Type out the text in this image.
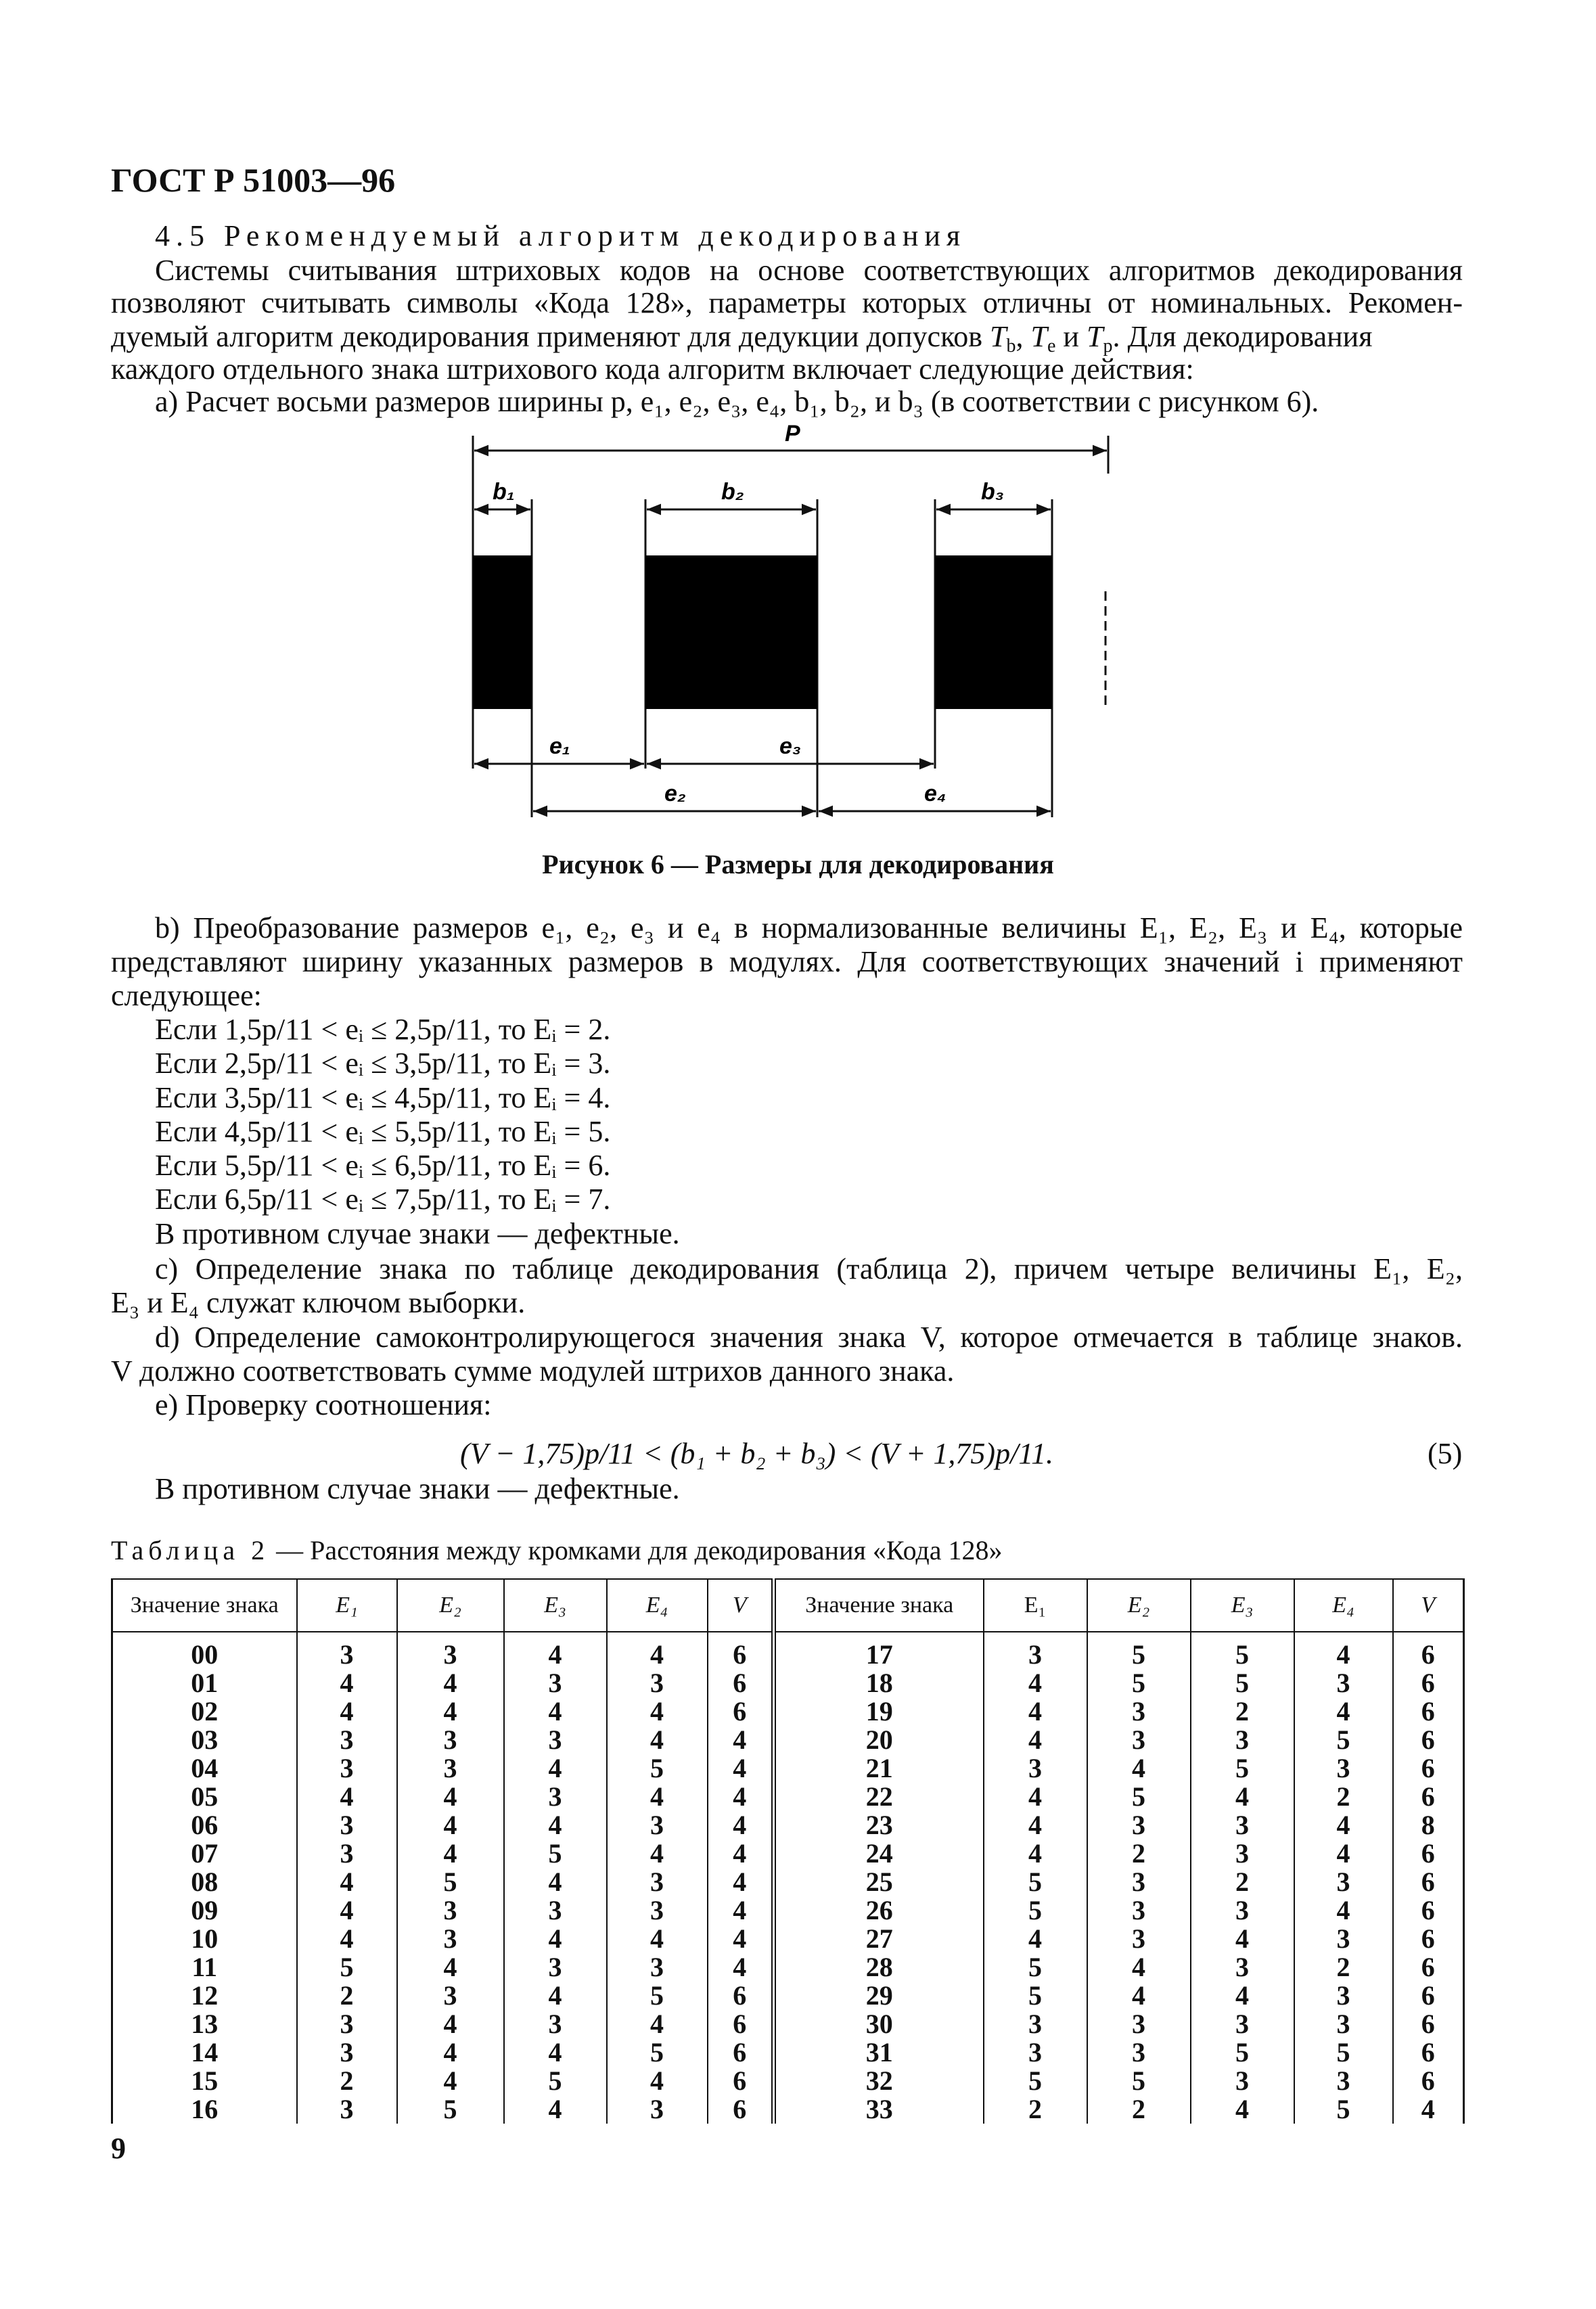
ГОСТ Р 51003—96
4.5 Рекомендуемый алгоритм декодирования
Системы считывания штриховых кодов на основе соответствующих алгоритмов декодирования
позволяют считывать символы «Кода 128», параметры которых отличны от номинальных. Рекомен-
дуемый алгоритм декодирования применяют для дедукции допусков $T_b$, $T_e$ и $T_p$. Для декодирования
каждого отдельного знака штрихового кода алгоритм включает следующие действия:
а) Расчет восьми размеров ширины p, e₁, e₂, e₃, e₄, b₁, b₂, и b₃ (в соответствии с рисунком 6).
P
b₁	b₂	b₃
e₁	e₃
e₂	e₄
Рисунок 6 — Размеры для декодирования
b) Преобразование размеров e₁, e₂, e₃ и e₄ в нормализованные величины E₁, E₂, E₃ и E₄, которые
представляют ширину указанных размеров в модулях. Для соответствующих значений i применяют
следующее:
Если 1,5p/11 < eᵢ ≤ 2,5p/11, то Eᵢ = 2.
Если 2,5p/11 < eᵢ ≤ 3,5p/11, то Eᵢ = 3.
Если 3,5p/11 < eᵢ ≤ 4,5p/11, то Eᵢ = 4.
Если 4,5p/11 < eᵢ ≤ 5,5p/11, то Eᵢ = 5.
Если 5,5p/11 < eᵢ ≤ 6,5p/11, то Eᵢ = 6.
Если 6,5p/11 < eᵢ ≤ 7,5p/11, то Eᵢ = 7.
В противном случае знаки — дефектные.
с) Определение знака по таблице декодирования (таблица 2), причем четыре величины E₁, E₂,
E₃ и E₄ служат ключом выборки.
d) Определение самоконтролирующегося значения знака V, которое отмечается в таблице знаков.
V должно соответствовать сумме модулей штрихов данного знака.
е) Проверку соотношения:
(V − 1,75)p/11 < (b₁ + b₂ + b₃) < (V + 1,75)p/11.	(5)
В противном случае знаки — дефектные.
Таблица 2 — Расстояния между кромками для декодирования «Кода 128»
Значение знака	E₁	E₂	E₃	E₄	V	Значение знака	E₁	E₂	E₃	E₄	V
00	3	3	4	4	6	17	3	5	5	4	6
01	4	4	3	3	6	18	4	5	5	3	6
02	4	4	4	4	6	19	4	3	2	4	6
03	3	3	3	4	4	20	4	3	3	5	6
04	3	3	4	5	4	21	3	4	5	3	6
05	4	4	3	4	4	22	4	5	4	2	6
06	3	4	4	3	4	23	4	3	3	4	8
07	3	4	5	4	4	24	4	2	3	4	6
08	4	5	4	3	4	25	5	3	2	3	6
09	4	3	3	3	4	26	5	3	3	4	6
10	4	3	4	4	4	27	4	3	4	3	6
11	5	4	3	3	4	28	5	4	3	2	6
12	2	3	4	5	6	29	5	4	4	3	6
13	3	4	3	4	6	30	3	3	3	3	6
14	3	4	4	5	6	31	3	3	5	5	6
15	2	4	5	4	6	32	5	5	3	3	6
16	3	5	4	3	6	33	2	2	4	5	4
9
